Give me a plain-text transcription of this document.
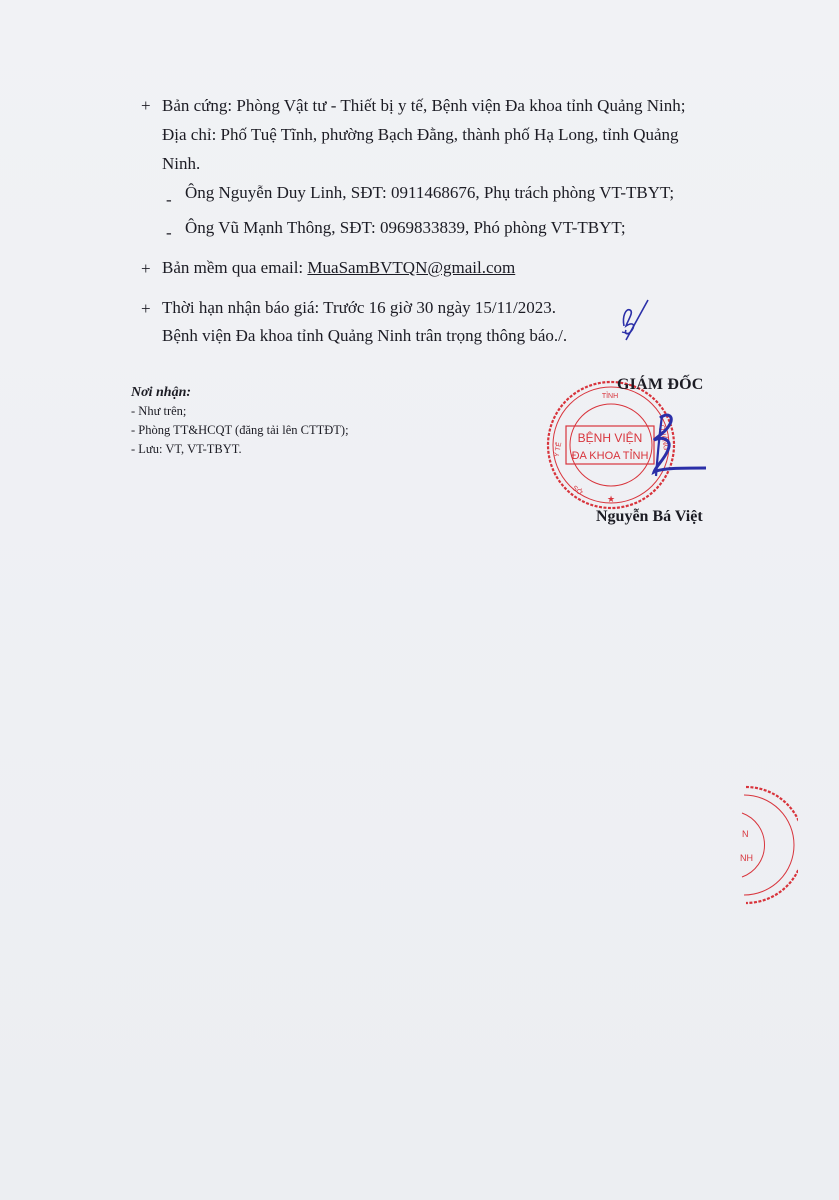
+ Bản cứng: Phòng Vật tư - Thiết bị y tế, Bệnh viện Đa khoa tỉnh Quảng Ninh;
Địa chỉ: Phố Tuệ Tĩnh, phường Bạch Đằng, thành phố Hạ Long, tỉnh Quảng
Ninh.
- Ông Nguyễn Duy Linh, SĐT: 0911468676, Phụ trách phòng VT-TBYT;
- Ông Vũ Mạnh Thông, SĐT: 0969833839, Phó phòng VT-TBYT;
+ Bản mềm qua email: MuaSamBVTQN@gmail.com
+ Thời hạn nhận báo giá: Trước 16 giờ 30 ngày 15/11/2023.
Bệnh viện Đa khoa tỉnh Quảng Ninh trân trọng thông báo./.
Nơi nhận:
- Như trên;
- Phòng TT&HCQT (đăng tải lên CTTĐT);
- Lưu: VT, VT-TBYT.
BỆNH VIỆN
ĐA KHOA TỈNH
TỈNH
Y TẾ	QUẢNG
SỞ
★
GIÁM ĐỐC
Nguyễn Bá Việt
N
NH
